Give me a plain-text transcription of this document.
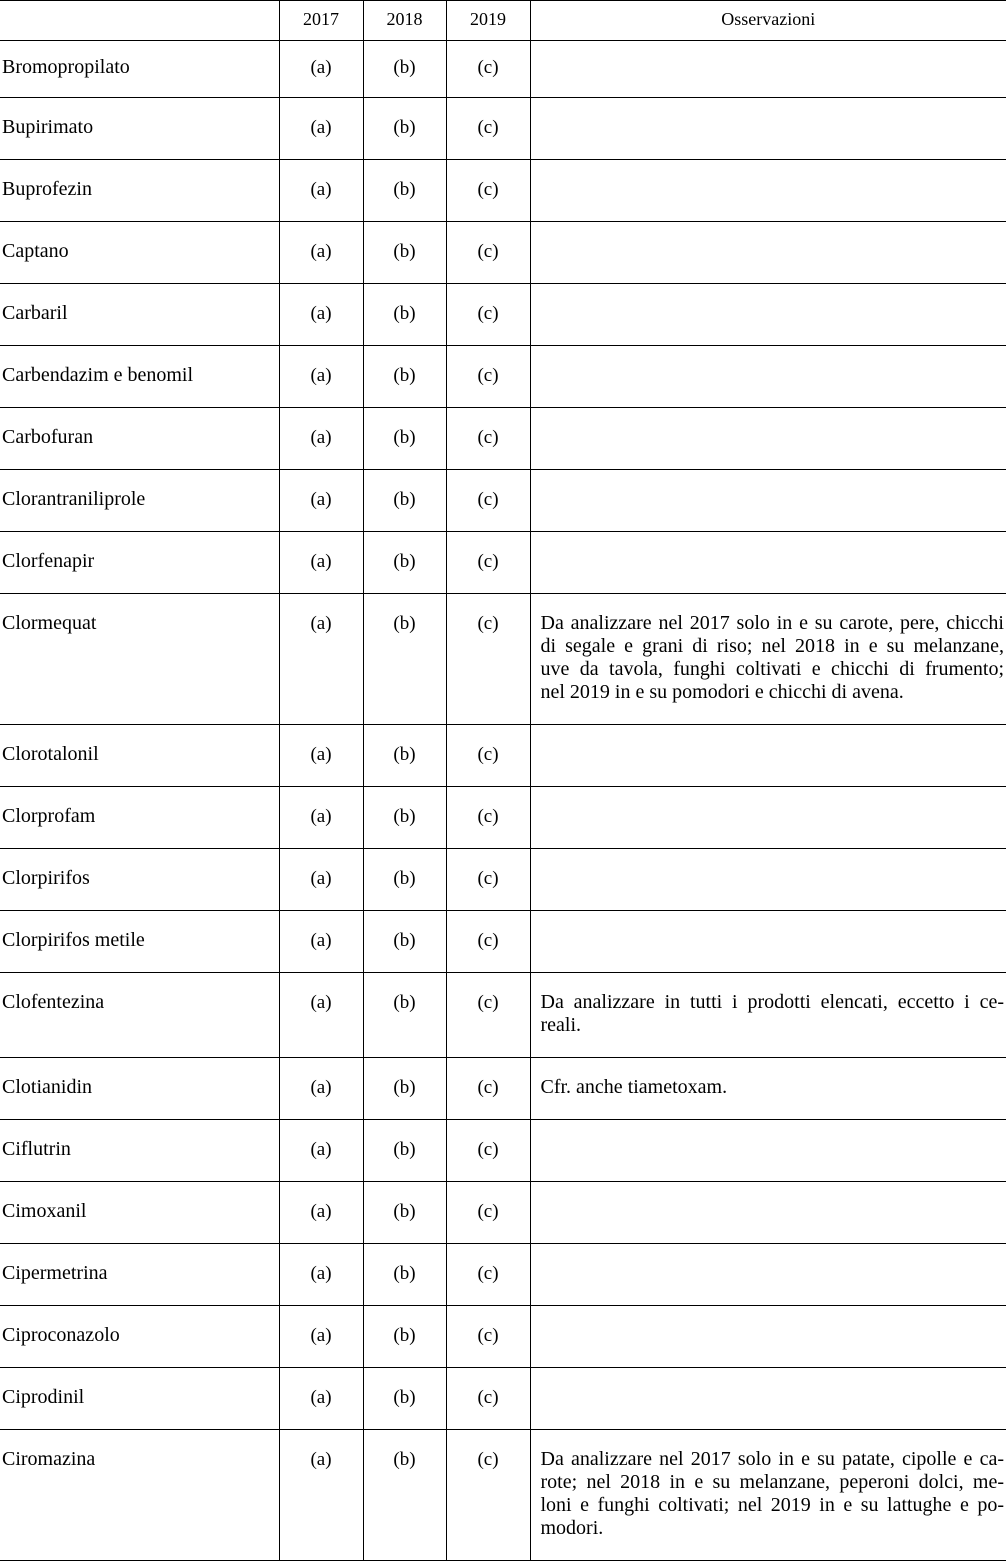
	2017	2018	2019	Osservazioni
Bromopropilato	(a)	(b)	(c)	
Bupirimato	(a)	(b)	(c)	
Buprofezin	(a)	(b)	(c)	
Captano	(a)	(b)	(c)	
Carbaril	(a)	(b)	(c)	
Carbendazim e benomil	(a)	(b)	(c)	
Carbofuran	(a)	(b)	(c)	
Clorantraniliprole	(a)	(b)	(c)	
Clorfenapir	(a)	(b)	(c)	
Clormequat	(a)	(b)	(c)	Da analizzare nel 2017 solo in e su carote, pere, chicchi
di segale e grani di riso; nel 2018 in e su melanzane,
uve da tavola, funghi coltivati e chicchi di frumento;
nel 2019 in e su pomodori e chicchi di avena.

Clorotalonil	(a)	(b)	(c)	
Clorprofam	(a)	(b)	(c)	
Clorpirifos	(a)	(b)	(c)	
Clorpirifos metile	(a)	(b)	(c)	
Clofentezina	(a)	(b)	(c)	Da analizzare in tutti i prodotti elencati, eccetto i ce-
reali.

Clotianidin	(a)	(b)	(c)	Cfr. anche tiametoxam.

Ciflutrin	(a)	(b)	(c)	
Cimoxanil	(a)	(b)	(c)	
Cipermetrina	(a)	(b)	(c)	
Ciproconazolo	(a)	(b)	(c)	
Ciprodinil	(a)	(b)	(c)	
Ciromazina	(a)	(b)	(c)	Da analizzare nel 2017 solo in e su patate, cipolle e ca-
rote; nel 2018 in e su melanzane, peperoni dolci, me-
loni e funghi coltivati; nel 2019 in e su lattughe e po-
modori.
